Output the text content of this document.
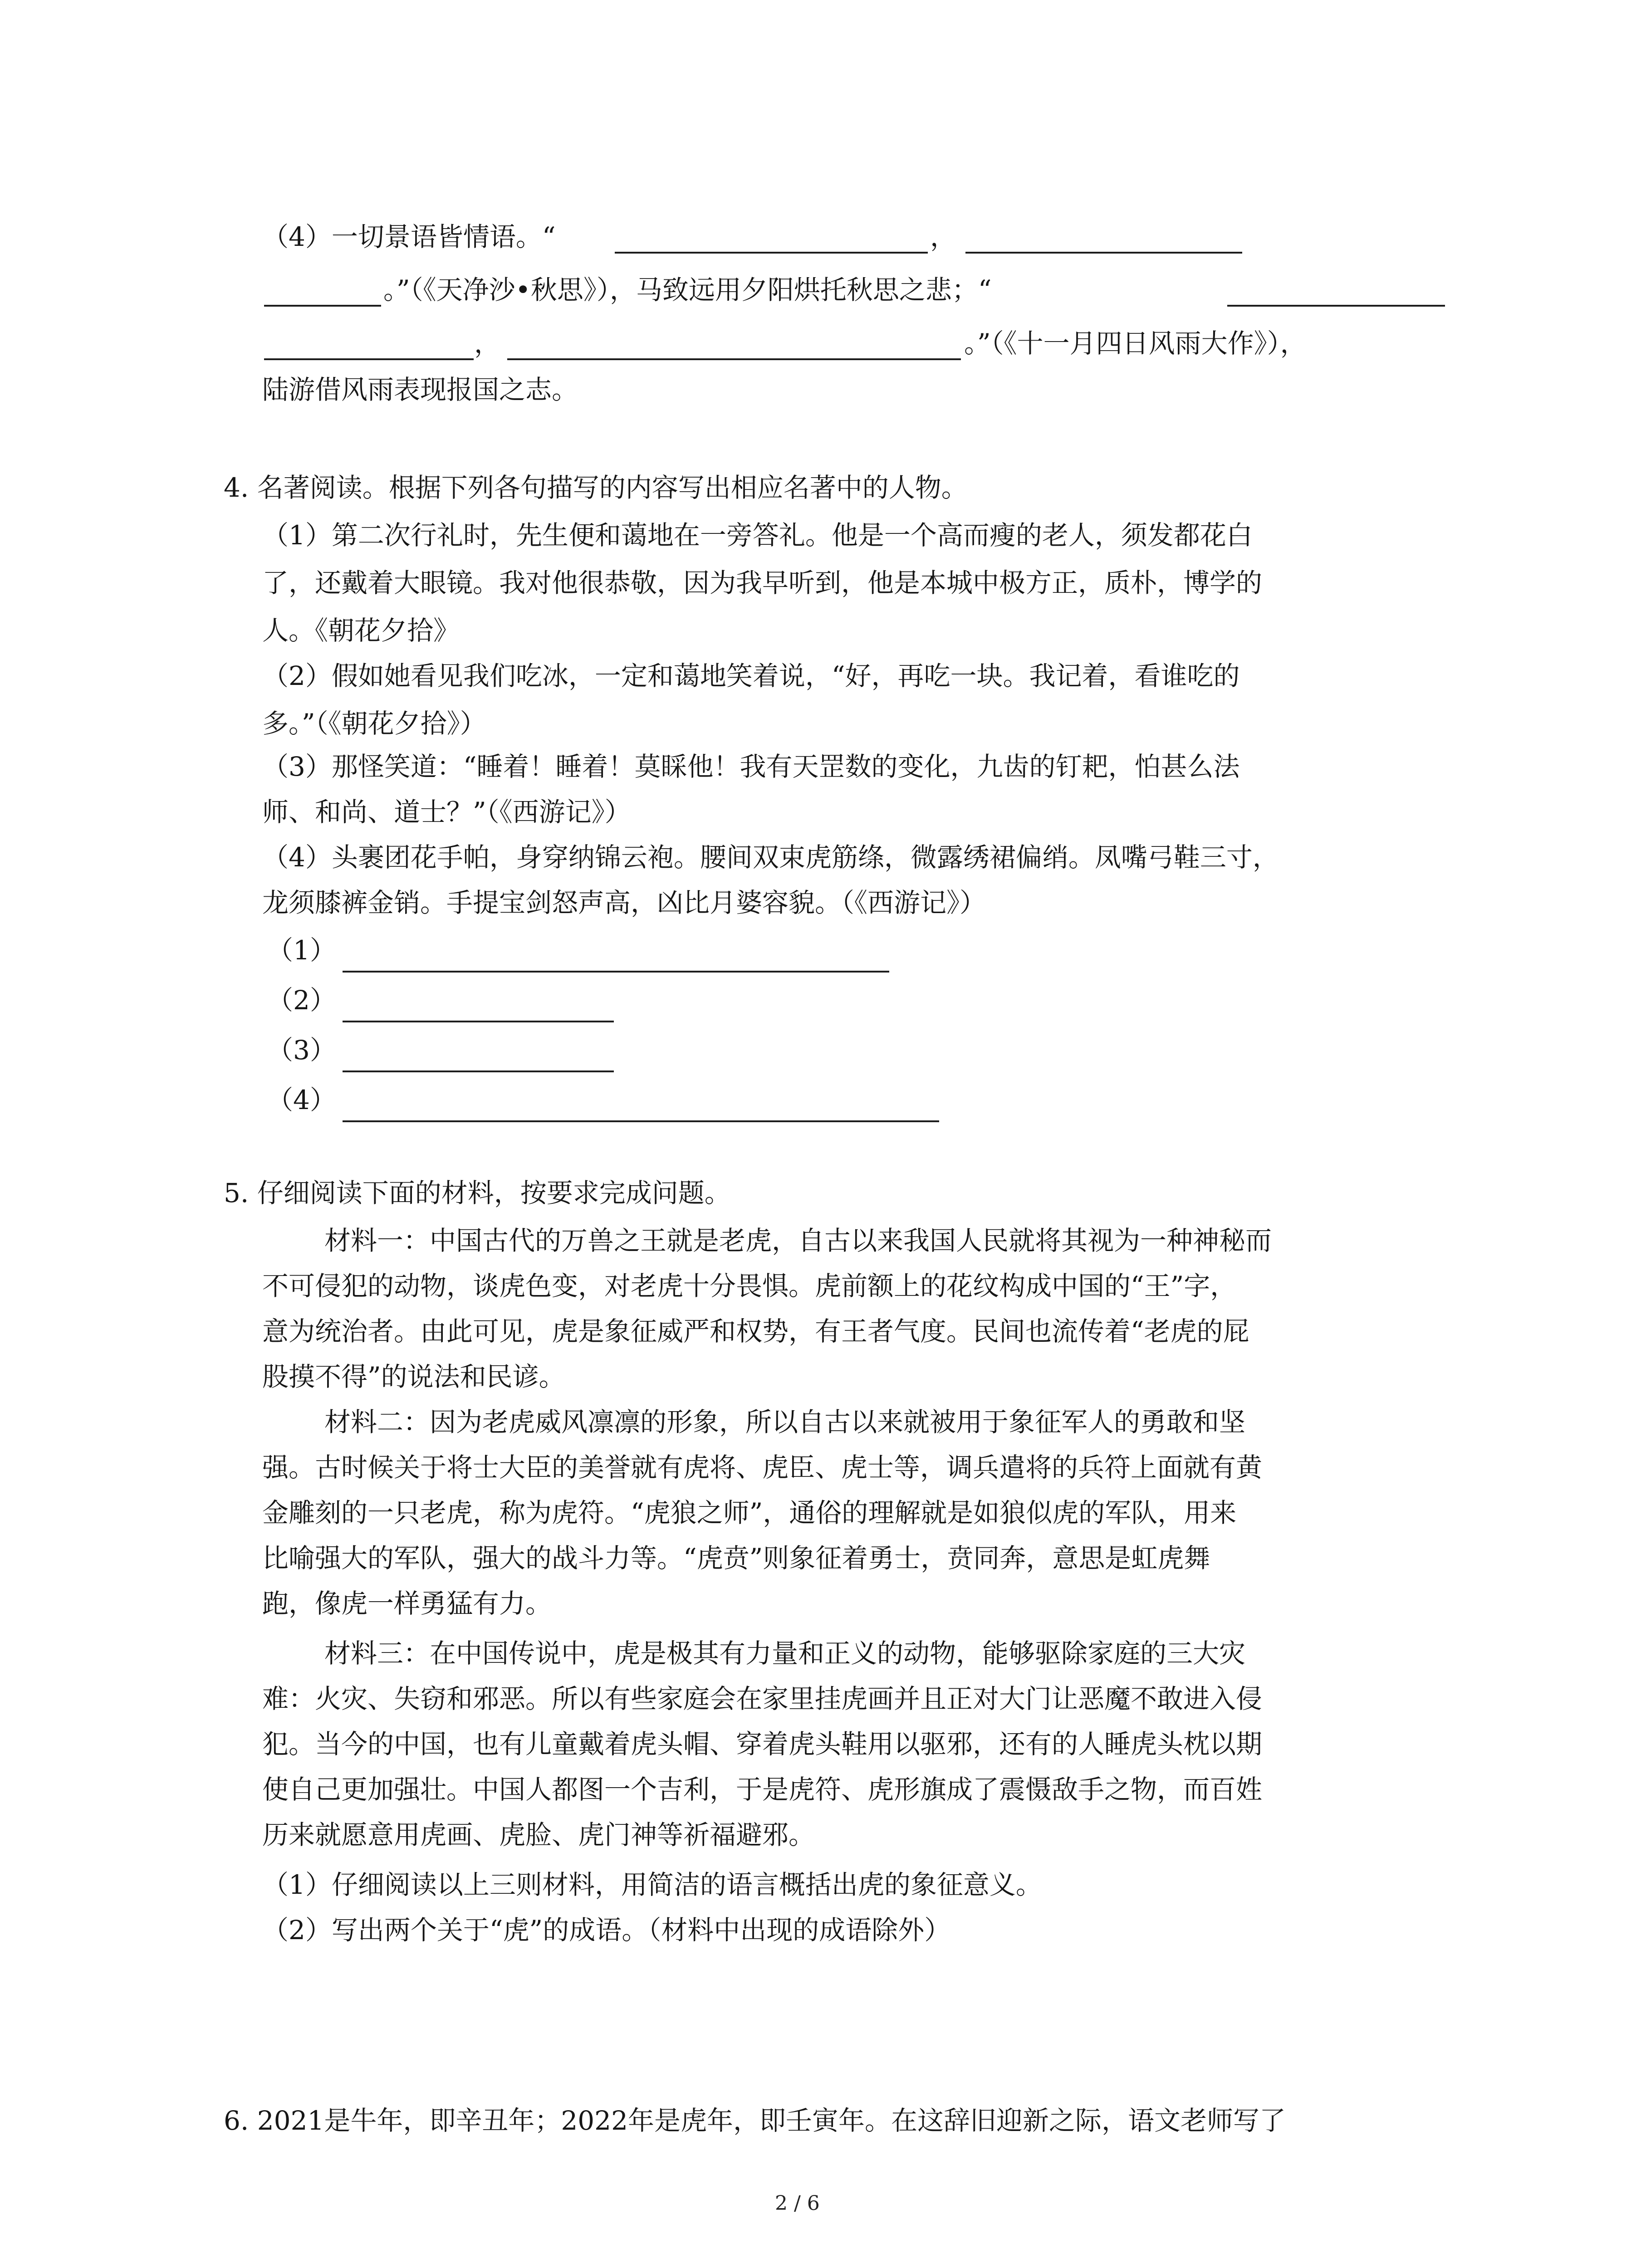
（4）一切景语皆情语。“	，
。”（《天净沙•秋思》），马致远用夕阳烘托秋思之悲；“
，	。”（《十一月四日风雨大作》），
陆游借风雨表现报国之志。
4. 名著阅读。根据下列各句描写的内容写出相应名著中的人物。
（1）第二次行礼时，先生便和蔼地在一旁答礼。他是一个高而瘦的老人，须发都花白
了，还戴着大眼镜。我对他很恭敬，因为我早听到，他是本城中极方正，质朴，博学的
人。《朝花夕拾》
（2）假如她看见我们吃冰，一定和蔼地笑着说，“好，再吃一块。我记着，看谁吃的
多。”（《朝花夕拾》）
（3）那怪笑道：“睡着！睡着！莫睬他！我有天罡数的变化，九齿的钉耙，怕甚么法
师、和尚、道士？”（《西游记》）
（4）头裹团花手帕，身穿纳锦云袍。腰间双束虎筋绦，微露绣裙偏绡。凤嘴弓鞋三寸，
龙须膝裤金销。手提宝剑怒声高，凶比月婆容貌。（《西游记》）
（1）
（2）
（3）
（4）
5. 仔细阅读下面的材料，按要求完成问题。
材料一：中国古代的万兽之王就是老虎，自古以来我国人民就将其视为一种神秘而
不可侵犯的动物，谈虎色变，对老虎十分畏惧。虎前额上的花纹构成中国的“王”字，
意为统治者。由此可见，虎是象征威严和权势，有王者气度。民间也流传着“老虎的屁
股摸不得”的说法和民谚。
材料二：因为老虎威风凛凛的形象，所以自古以来就被用于象征军人的勇敢和坚
强。古时候关于将士大臣的美誉就有虎将、虎臣、虎士等，调兵遣将的兵符上面就有黄
金雕刻的一只老虎，称为虎符。“虎狼之师”，通俗的理解就是如狼似虎的军队，用来
比喻强大的军队，强大的战斗力等。“虎贲”则象征着勇士，贲同奔，意思是虹虎舞
跑，像虎一样勇猛有力。
材料三：在中国传说中，虎是极其有力量和正义的动物，能够驱除家庭的三大灾
难：火灾、失窃和邪恶。所以有些家庭会在家里挂虎画并且正对大门让恶魔不敢进入侵
犯。当今的中国，也有儿童戴着虎头帽、穿着虎头鞋用以驱邪，还有的人睡虎头枕以期
使自己更加强壮。中国人都图一个吉利，于是虎符、虎形旗成了震慑敌手之物，而百姓
历来就愿意用虎画、虎脸、虎门神等祈福避邪。
（1）仔细阅读以上三则材料，用简洁的语言概括出虎的象征意义。
（2）写出两个关于“虎”的成语。（材料中出现的成语除外）
6. 2021是牛年，即辛丑年；2022年是虎年，即壬寅年。在这辞旧迎新之际，语文老师写了
2 / 6
